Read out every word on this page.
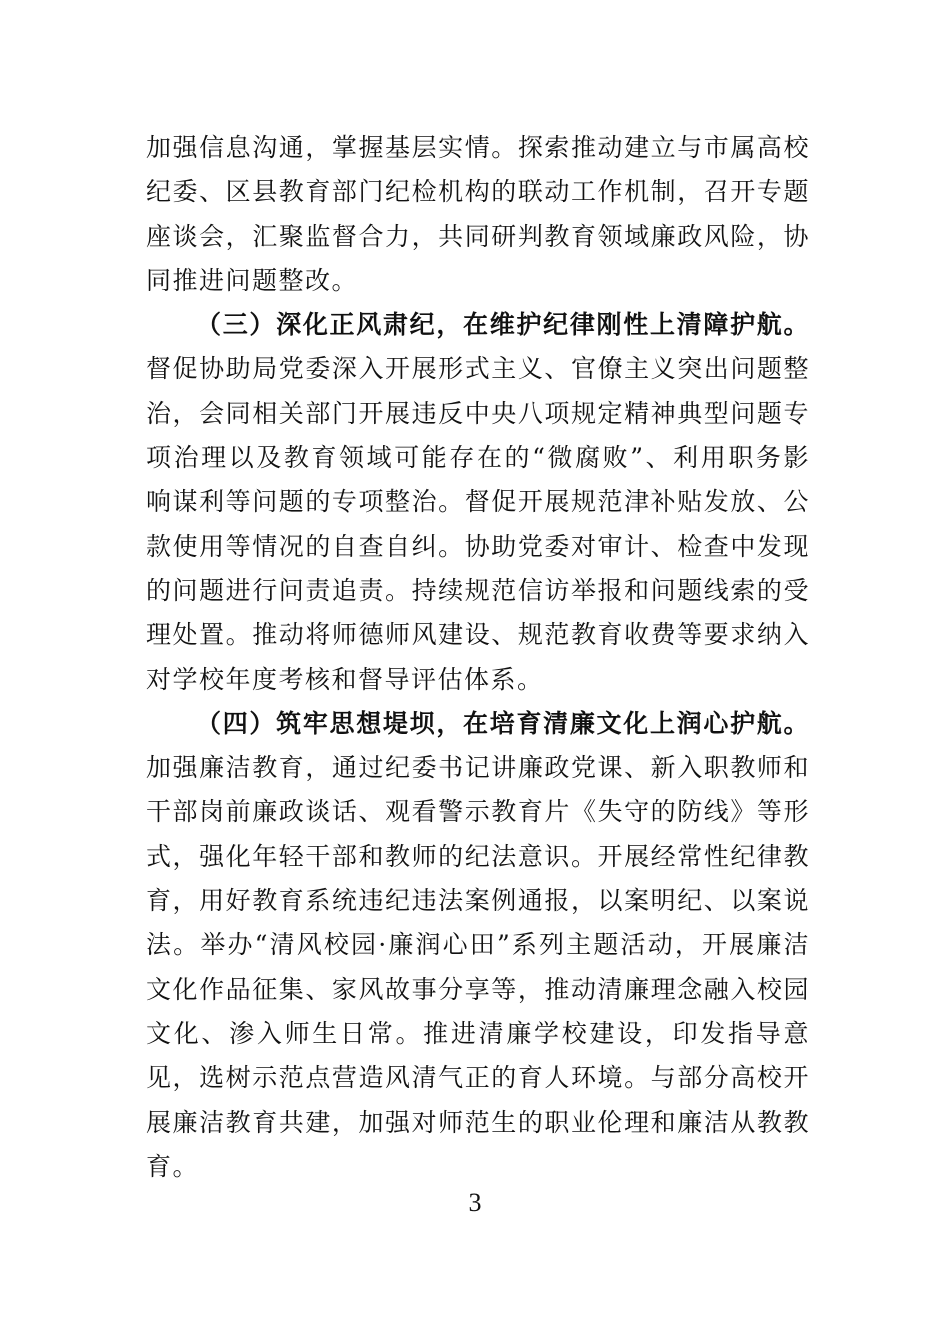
加强信息沟通，掌握基层实情。探索推动建立与市属高校纪委、区县教育部门纪检机构的联动工作机制，召开专题座谈会，汇聚监督合力，共同研判教育领域廉政风险，协同推进问题整改。

（三）深化正风肃纪，在维护纪律刚性上清障护航。督促协助局党委深入开展形式主义、官僚主义突出问题整治，会同相关部门开展违反中央八项规定精神典型问题专项治理以及教育领域可能存在的“微腐败”、利用职务影响谋利等问题的专项整治。督促开展规范津补贴发放、公款使用等情况的自查自纠。协助党委对审计、检查中发现的问题进行问责追责。持续规范信访举报和问题线索的受理处置。推动将师德师风建设、规范教育收费等要求纳入对学校年度考核和督导评估体系。

（四）筑牢思想堤坝，在培育清廉文化上润心护航。加强廉洁教育，通过纪委书记讲廉政党课、新入职教师和干部岗前廉政谈话、观看警示教育片《失守的防线》等形式，强化年轻干部和教师的纪法意识。开展经常性纪律教育，用好教育系统违纪违法案例通报，以案明纪、以案说法。举办“清风校园·廉润心田”系列主题活动，开展廉洁文化作品征集、家风故事分享等，推动清廉理念融入校园文化、渗入师生日常。推进清廉学校建设，印发指导意见，选树示范点营造风清气正的育人环境。与部分高校开展廉洁教育共建，加强对师范生的职业伦理和廉洁从教教育。

3
